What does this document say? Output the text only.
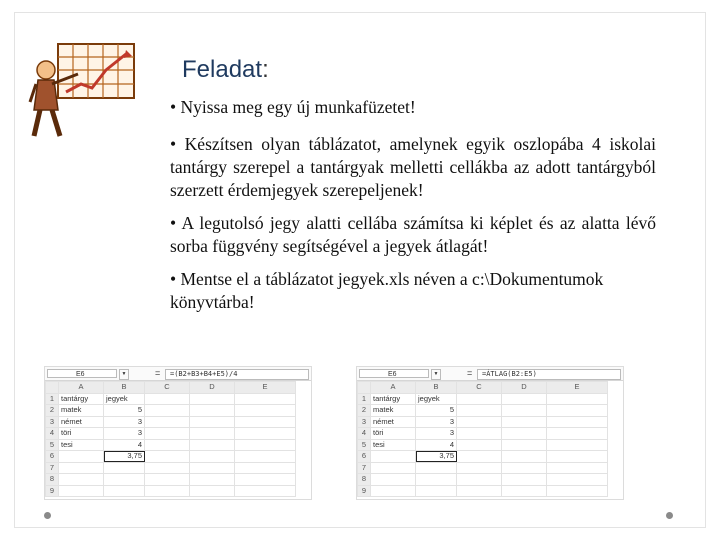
Feladat:

• Nyissa meg egy új munkafüzetet!

• Készítsen olyan táblázatot, amelynek egyik oszlopába 4 iskolai tantárgy szerepel a tantárgyak melletti cellákba az adott tantárgyból szerzett érdemjegyek szerepeljenek!

• A legutolsó jegy alatti cellába számítsa ki képlet és az alatta lévő sorba függvény segítségével a jegyek átlagát!

• Mentse el a táblázatot jegyek.xls néven a c:\Dokumentumok könyvtárba!

E6	▼	=	=(B2+B3+B4+E5)/4
	A	B	C	D	E
1	tantárgy	jegyek			
2	matek	5			
3	német	3			
4	töri	3			
5	tesi	4			
6		3,75			
7					
8					
9					
E6	▼	=	=ÁTLAG(B2:E5)
	A	B	C	D	E
1	tantárgy	jegyek			
2	matek	5			
3	német	3			
4	töri	3			
5	tesi	4			
6		3,75			
7					
8					
9					
